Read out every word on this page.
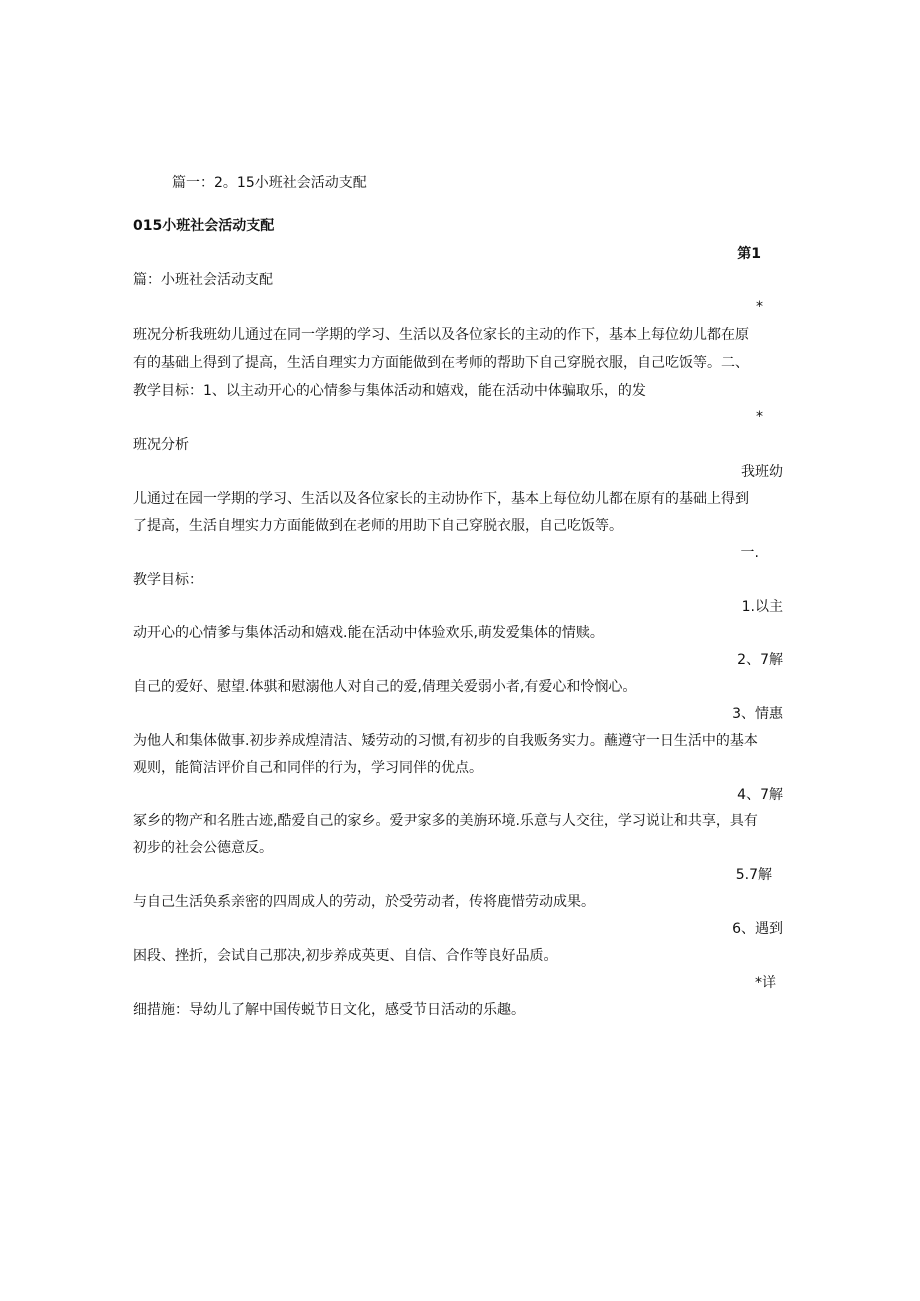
篇一：2。15小班社会活动支配
015小班社会活动支配
第1
篇：小班社会活动支配
*
班况分析我班幼儿通过在同一学期的学习、生活以及各位家长的主动的作下，基本上每位幼儿都在原
有的基础上得到了提高，生活自理实力方面能做到在考师的帮助下自己穿脱衣服，自己吃饭等。二、
教学目标：1、以主动开心的心情参与集体活动和嬉戏，能在活动中体骗取乐，的发
*
班况分析
我班幼
儿通过在园一学期的学习、生活以及各位家长的主动协作下，基本上每位幼儿都在原有的基础上得到
了提高，生活自埋实力方面能做到在老师的用助下自己穿脱衣服，自己吃饭等。
一.
教学目标：
1.以主
动开心的心情爹与集体活动和嬉戏.能在活动中体验欢乐,萌发爱集体的情赎。
2、7解
自己的爱好、慰望.体骐和慰溺他人对自己的爱,倩理关爱弱小者,有爱心和怜悯心。
3、情惠
为他人和集体做事.初步养成煌清洁、矮劳动的习惯,有初步的自我贩务实力。蘸遵守一日生活中的基本
观则，能简洁评价自己和同伴的行为，学习同伴的优点。
4、7解
冢乡的物产和名胜古迹,酷爱自己的家乡。爱尹家多的美旃环境.乐意与人交往，学习说让和共享，具有
初步的社会公德意反。
5.7解
与自己生活奂系亲密的四周成人的劳动，於受劳动者，传将鹿惜劳动成果。
6、遇到
困段、挫折，会试自己那决,初步养成英更、自信、合作等良好品质。
*详
细措施：导幼儿了解中国传蜕节日文化，感受节日活动的乐趣。
